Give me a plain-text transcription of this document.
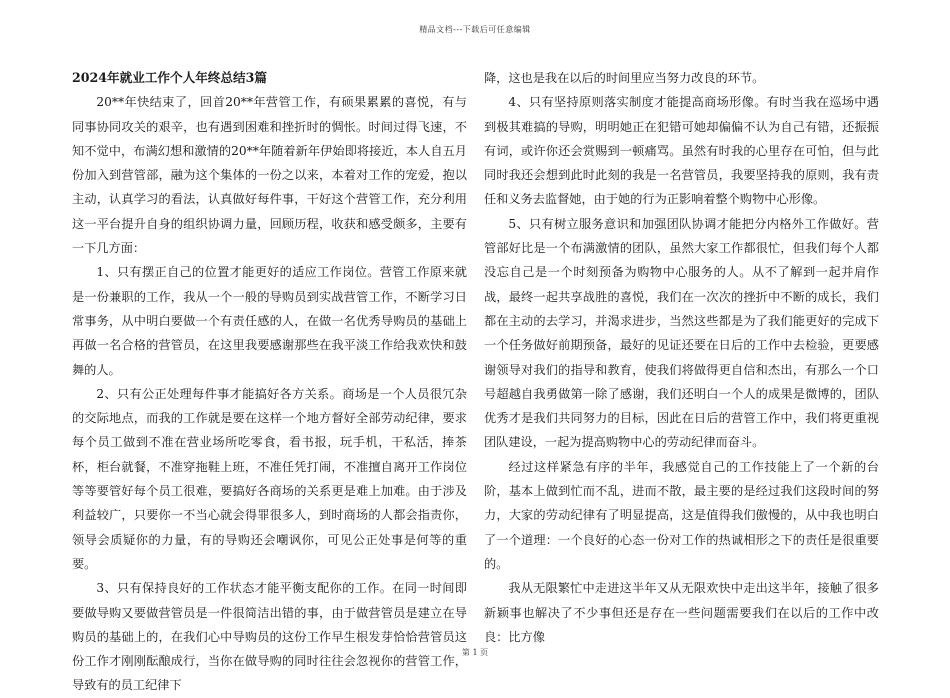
精品文档---下载后可任意编辑

2024年就业工作个人年终总结3篇

20**年快结束了，回首20**年营管工作，有硕果累累的喜悦，有与同事协同攻关的艰辛，也有遇到困难和挫折时的惆怅。时间过得飞速，不知不觉中，布满幻想和激情的20**年随着新年伊始即将接近，本人自五月份加入到营管部，融为这个集体的一份之以来，本着对工作的宠爱，抱以主动，认真学习的看法，认真做好每件事，干好这个营管工作，充分利用这一平台提升自身的组织协调力量，回顾历程，收获和感受颇多，主要有一下几方面：

1、只有摆正自己的位置才能更好的适应工作岗位。营管工作原来就是一份兼职的工作，我从一个一般的导购员到实战营管工作，不断学习日常事务，从中明白要做一个有责任感的人，在做一名优秀导购员的基础上再做一名合格的营管员，在这里我要感谢那些在我平淡工作给我欢快和鼓舞的人。

2、只有公正处理每件事才能搞好各方关系。商场是一个人员很冗杂的交际地点，而我的工作就是要在这样一个地方督好全部劳动纪律，要求每个员工做到不准在营业场所吃零食，看书报，玩手机，干私活，捧茶杯，柜台就餐，不准穿拖鞋上班，不准任凭打闹，不准擅自离开工作岗位等等要管好每个员工很难，要搞好各商场的关系更是难上加难。由于涉及利益较广，只要你一不当心就会得罪很多人，到时商场的人都会指责你，领导会质疑你的力量，有的导购还会嘲讽你，可见公正处事是何等的重要。

3、只有保持良好的工作状态才能平衡支配你的工作。在同一时间即要做导购又要做营管员是一件很简洁出错的事，由于做营管员是建立在导购员的基础上的，在我们心中导购员的这份工作早生根发芽恰恰营管员这份工作才刚刚酝酿成行，当你在做导购的同时往往会忽视你的营管工作，导致有的员工纪律下

降，这也是我在以后的时间里应当努力改良的环节。

4、只有坚持原则落实制度才能提高商场形像。有时当我在巡场中遇到极其难搞的导购，明明她正在犯错可她却偏偏不认为自己有错，还振振有词，或许你还会赏赐到一顿痛骂。虽然有时我的心里存在可怕，但与此同时我还会想到此时此刻的我是一名营管员，我要坚持我的原则，我有责任和义务去监督她，由于她的行为正影响着整个购物中心形像。

5、只有树立服务意识和加强团队协调才能把分内格外工作做好。营管部好比是一个布满激情的团队，虽然大家工作都很忙，但我们每个人都没忘自己是一个时刻预备为购物中心服务的人。从不了解到一起并肩作战，最终一起共享战胜的喜悦，我们在一次次的挫折中不断的成长，我们都在主动的去学习，并渴求进步，当然这些都是为了我们能更好的完成下一个任务做好前期预备，最好的见证还要在日后的工作中去检验，更要感谢领导对我们的指导和教育，使我们将做得更自信和杰出，有那么一个口号超越自我勇做第一除了感谢，我们还明白一个人的成果是微博的，团队优秀才是我们共同努力的目标，因此在日后的营管工作中，我们将更重视团队建设，一起为提高购物中心的劳动纪律而奋斗。

经过这样紧急有序的半年，我感觉自己的工作技能上了一个新的台阶，基本上做到忙而不乱，进而不散，最主要的是经过我们这段时间的努力，大家的劳动纪律有了明显提高，这是值得我们傲慢的，从中我也明白了一个道理：一个良好的心态一份对工作的热诚相形之下的责任是很重要的。

我从无限繁忙中走进这半年又从无限欢快中走出这半年，接触了很多新颖事也解决了不少事但还是存在一些问题需要我们在以后的工作中改良：比方像

第 1 页
